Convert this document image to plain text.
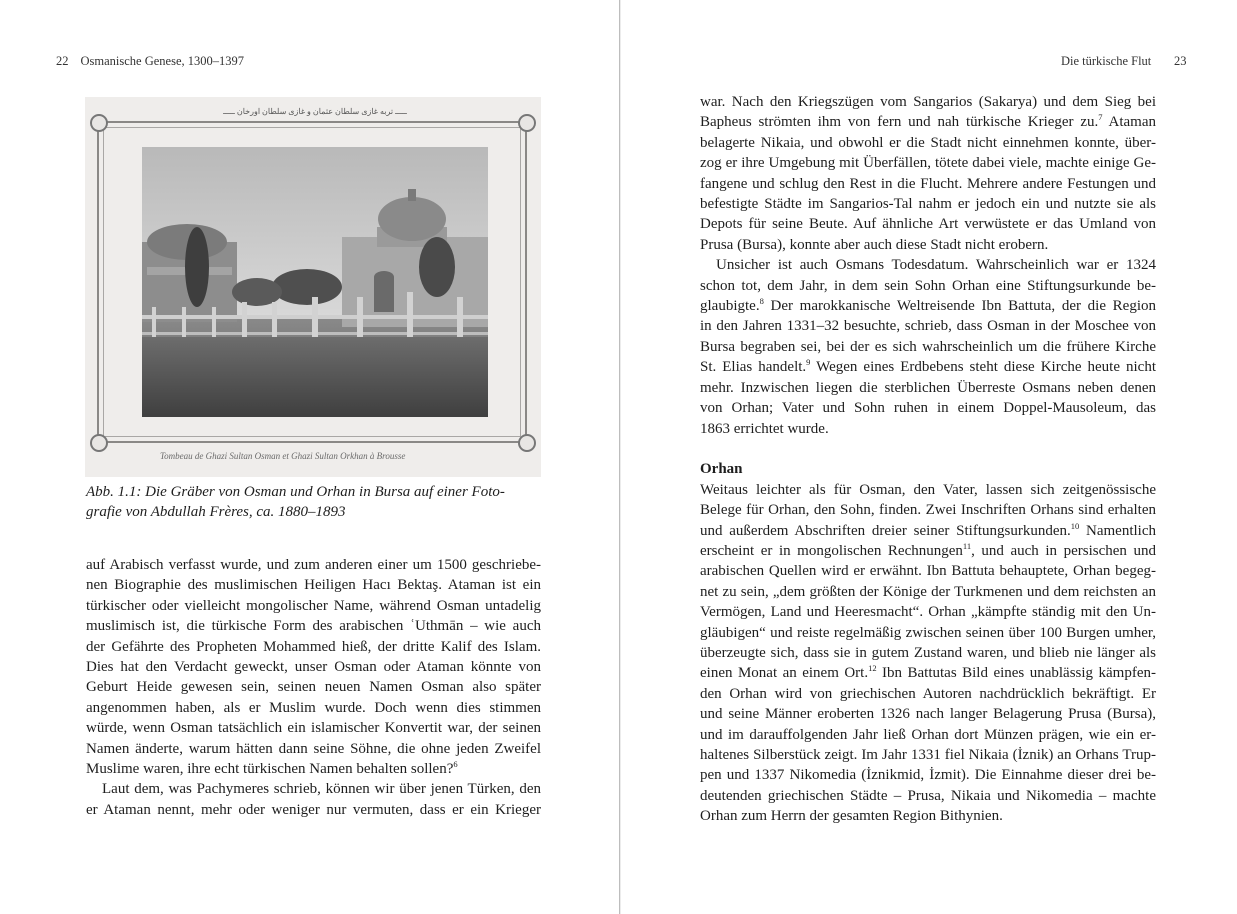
22 Osmanische Genese, 1300–1397
ـــــ ﺗﺮﺑﻪ ﻏﺎزی ﺳﻠﻄﺎن ﻋﺜﻤﺎن و ﻏﺎزی ﺳﻠﻄﺎن اورﺧﺎن ـــــ
Tombeau de Ghazi Sultan Osman et Ghazi Sultan Orkhan à Brousse
Abb. 1.1: Die Gräber von Osman und Orhan in Bursa auf einer Foto-
grafie von Abdullah Frères, ca. 1880–1893
auf Arabisch verfasst wurde, und zum anderen einer um 1500 geschriebe-
nen Biographie des muslimischen Heiligen Hacı Bektaş. Ataman ist ein
türkischer oder vielleicht mongolischer Name, während Osman untadelig
muslimisch ist, die türkische Form des arabischen ʿUthmān – wie auch
der Gefährte des Propheten Mohammed hieß, der dritte Kalif des Islam.
Dies hat den Verdacht geweckt, unser Osman oder Ataman könnte von
Geburt Heide gewesen sein, seinen neuen Namen Osman also später
angenommen haben, als er Muslim wurde. Doch wenn dies stimmen
würde, wenn Osman tatsächlich ein islamischer Konvertit war, der seinen
Namen änderte, warum hätten dann seine Söhne, die ohne jeden Zweifel
Muslime waren, ihre echt türkischen Namen behalten sollen?$^6$
Laut dem, was Pachymeres schrieb, können wir über jenen Türken, den
er Ataman nennt, mehr oder weniger nur vermuten, dass er ein Krieger
Die türkische Flut 23
war. Nach den Kriegszügen vom Sangarios (Sakarya) und dem Sieg bei
Bapheus strömten ihm von fern und nah türkische Krieger zu.$^7$ Ataman
belagerte Nikaia, und obwohl er die Stadt nicht einnehmen konnte, über-
zog er ihre Umgebung mit Überfällen, tötete dabei viele, machte einige Ge-
fangene und schlug den Rest in die Flucht. Mehrere andere Festungen und
befestigte Städte im Sangarios-Tal nahm er jedoch ein und nutzte sie als
Depots für seine Beute. Auf ähnliche Art verwüstete er das Umland von
Prusa (Bursa), konnte aber auch diese Stadt nicht erobern.
Unsicher ist auch Osmans Todesdatum. Wahrscheinlich war er 1324
schon tot, dem Jahr, in dem sein Sohn Orhan eine Stiftungsurkunde be-
glaubigte.$^8$ Der marokkanische Weltreisende Ibn Battuta, der die Region
in den Jahren 1331–32 besuchte, schrieb, dass Osman in der Moschee von
Bursa begraben sei, bei der es sich wahrscheinlich um die frühere Kirche
St. Elias handelt.$^9$ Wegen eines Erdbebens steht diese Kirche heute nicht
mehr. Inzwischen liegen die sterblichen Überreste Osmans neben denen
von Orhan; Vater und Sohn ruhen in einem Doppel-Mausoleum, das
1863 errichtet wurde.
Orhan
Weitaus leichter als für Osman, den Vater, lassen sich zeitgenössische
Belege für Orhan, den Sohn, finden. Zwei Inschriften Orhans sind erhalten
und außerdem Abschriften dreier seiner Stiftungsurkunden.$^{10}$ Namentlich
erscheint er in mongolischen Rechnungen$^{11}$, und auch in persischen und
arabischen Quellen wird er erwähnt. Ibn Battuta behauptete, Orhan begeg-
net zu sein, „dem größten der Könige der Turkmenen und dem reichsten an
Vermögen, Land und Heeresmacht“. Orhan „kämpfte ständig mit den Un-
gläubigen“ und reiste regelmäßig zwischen seinen über 100 Burgen umher,
überzeugte sich, dass sie in gutem Zustand waren, und blieb nie länger als
einen Monat an einem Ort.$^{12}$ Ibn Battutas Bild eines unablässig kämpfen-
den Orhan wird von griechischen Autoren nachdrücklich bekräftigt. Er
und seine Männer eroberten 1326 nach langer Belagerung Prusa (Bursa),
und im darauffolgenden Jahr ließ Orhan dort Münzen prägen, wie ein er-
haltenes Silberstück zeigt. Im Jahr 1331 fiel Nikaia (İznik) an Orhans Trup-
pen und 1337 Nikomedia (İznikmid, İzmit). Die Einnahme dieser drei be-
deutenden griechischen Städte – Prusa, Nikaia und Nikomedia – machte
Orhan zum Herrn der gesamten Region Bithynien.
